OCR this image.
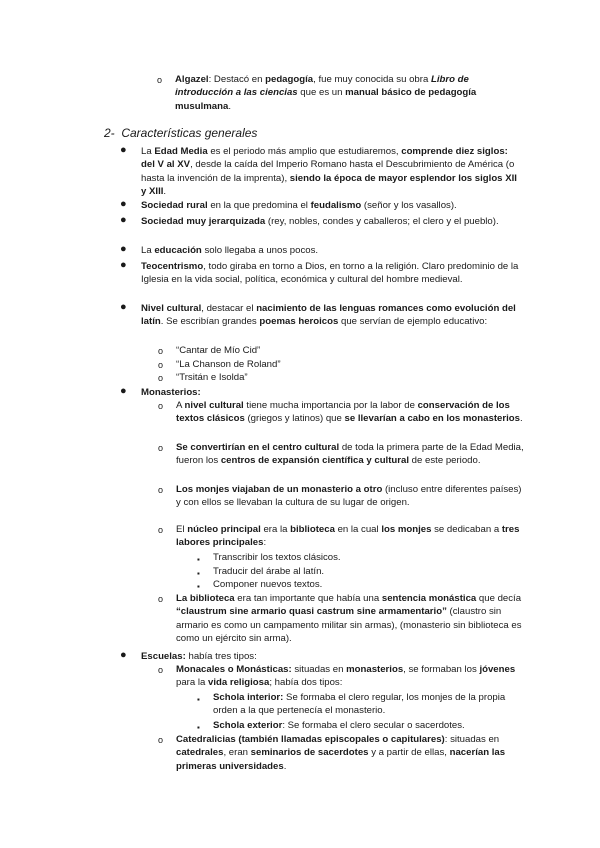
o Algazel: Destacó en pedagogía, fue muy conocida su obra Libro de introducción a las ciencias que es un manual básico de pedagogía musulmana.
2- Características generales
● La Edad Media es el periodo más amplio que estudiaremos, comprende diez siglos: del V al XV, desde la caída del Imperio Romano hasta el Descubrimiento de América (o hasta la invención de la imprenta), siendo la época de mayor esplendor los siglos XII y XIII.
● Sociedad rural en la que predomina el feudalismo (señor y los vasallos).
● Sociedad muy jerarquizada (rey, nobles, condes y caballeros; el clero y el pueblo).
● La educación solo llegaba a unos pocos.
● Teocentrismo, todo giraba en torno a Dios, en torno a la religión. Claro predominio de la Iglesia en la vida social, política, económica y cultural del hombre medieval.
● Nivel cultural, destacar el nacimiento de las lenguas romances como evolución del latín. Se escribían grandes poemas heroicos que servían de ejemplo educativo:
o “Cantar de Mío Cid”
o “La Chanson de Roland”
o “Trsitán e Isolda”
● Monasterios:
o A nivel cultural tiene mucha importancia por la labor de conservación de los textos clásicos (griegos y latinos) que se llevarían a cabo en los monasterios.
o Se convertirían en el centro cultural de toda la primera parte de la Edad Media, fueron los centros de expansión científica y cultural de este periodo.
o Los monjes viajaban de un monasterio a otro (incluso entre diferentes países) y con ellos se llevaban la cultura de su lugar de origen.
o El núcleo principal era la biblioteca en la cual los monjes se dedicaban a tres labores principales:
▪ Transcribir los textos clásicos.
▪ Traducir del árabe al latín.
▪ Componer nuevos textos.
o La biblioteca era tan importante que había una sentencia monástica que decía “claustrum sine armario quasi castrum sine armamentario” (claustro sin armario es como un campamento militar sin armas), (monasterio sin biblioteca es como un ejército sin arma).
● Escuelas: había tres tipos:
o Monacales o Monásticas: situadas en monasterios, se formaban los jóvenes para la vida religiosa; había dos tipos:
▪ Schola interior: Se formaba el clero regular, los monjes de la propia orden a la que pertenecía el monasterio.
▪ Schola exterior: Se formaba el clero secular o sacerdotes.
o Catedralicias (también llamadas episcopales o capitulares): situadas en catedrales, eran seminarios de sacerdotes y a partir de ellas, nacerían las primeras universidades.
